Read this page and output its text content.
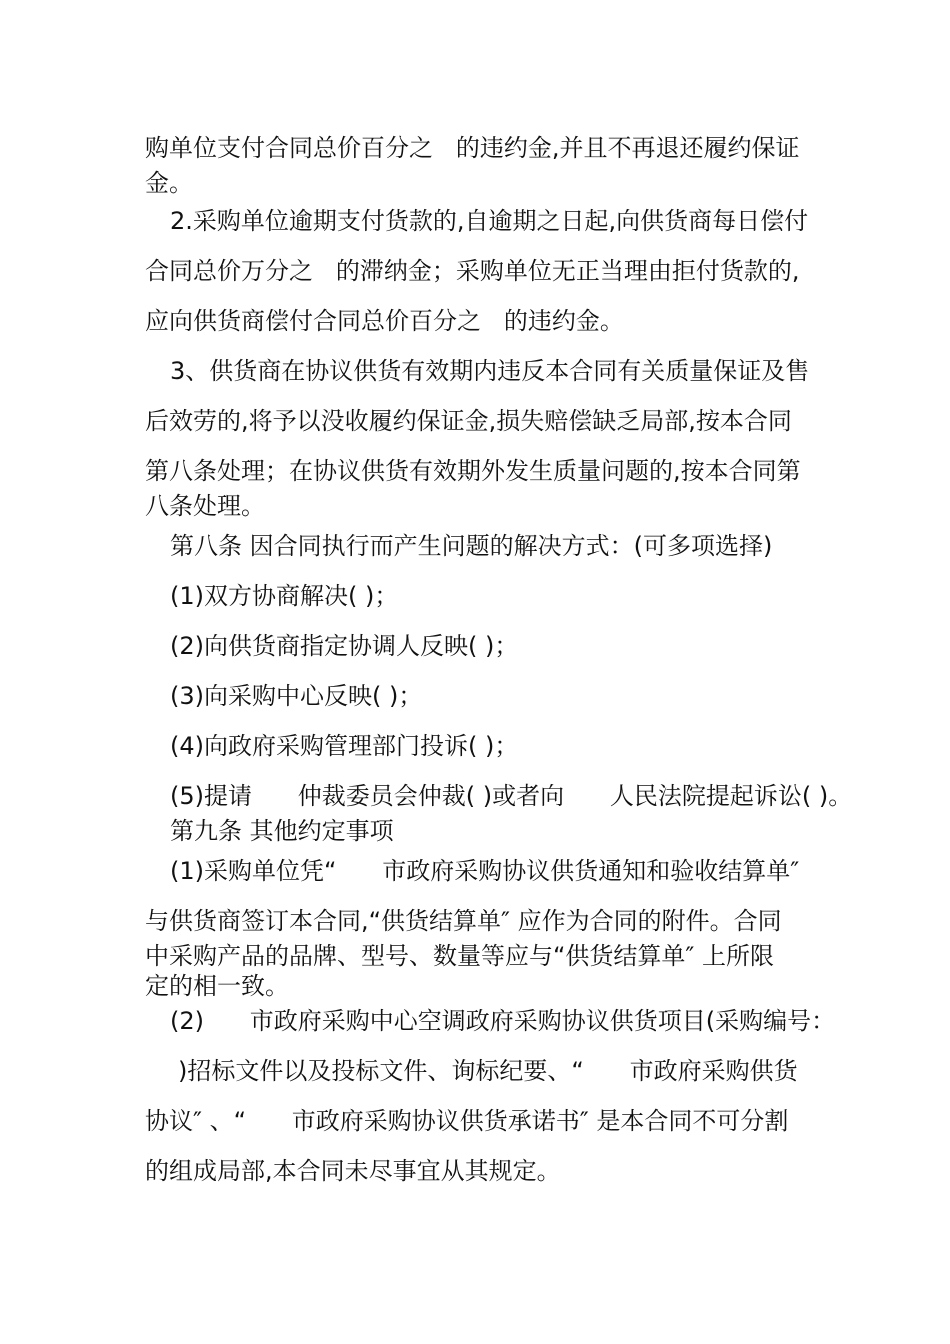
购单位支付合同总价百分之   的违约金,并且不再退还履约保证

金。

2.采购单位逾期支付货款的,自逾期之日起,向供货商每日偿付

合同总价万分之   的滞纳金；采购单位无正当理由拒付货款的,

应向供货商偿付合同总价百分之   的违约金。

3、供货商在协议供货有效期内违反本合同有关质量保证及售

后效劳的,将予以没收履约保证金,损失赔偿缺乏局部,按本合同

第八条处理；在协议供货有效期外发生质量问题的,按本合同第

八条处理。

第八条 因合同执行而产生问题的解决方式：(可多项选择)

(1)双方协商解决( )；

(2)向供货商指定协调人反映( )；

(3)向采购中心反映( )；

(4)向政府采购管理部门投诉( )；

(5)提请      仲裁委员会仲裁( )或者向      人民法院提起诉讼( )。

第九条 其他约定事项

(1)采购单位凭“      市政府采购协议供货通知和验收结算单″

与供货商签订本合同,“供货结算单″ 应作为合同的附件。合同

中采购产品的品牌、型号、数量等应与“供货结算单″ 上所限

定的相一致。

(2)      市政府采购中心空调政府采购协议供货项目(采购编号：

)招标文件以及投标文件、询标纪要、“      市政府采购供货

协议″ 、“      市政府采购协议供货承诺书″ 是本合同不可分割

的组成局部,本合同未尽事宜从其规定。
